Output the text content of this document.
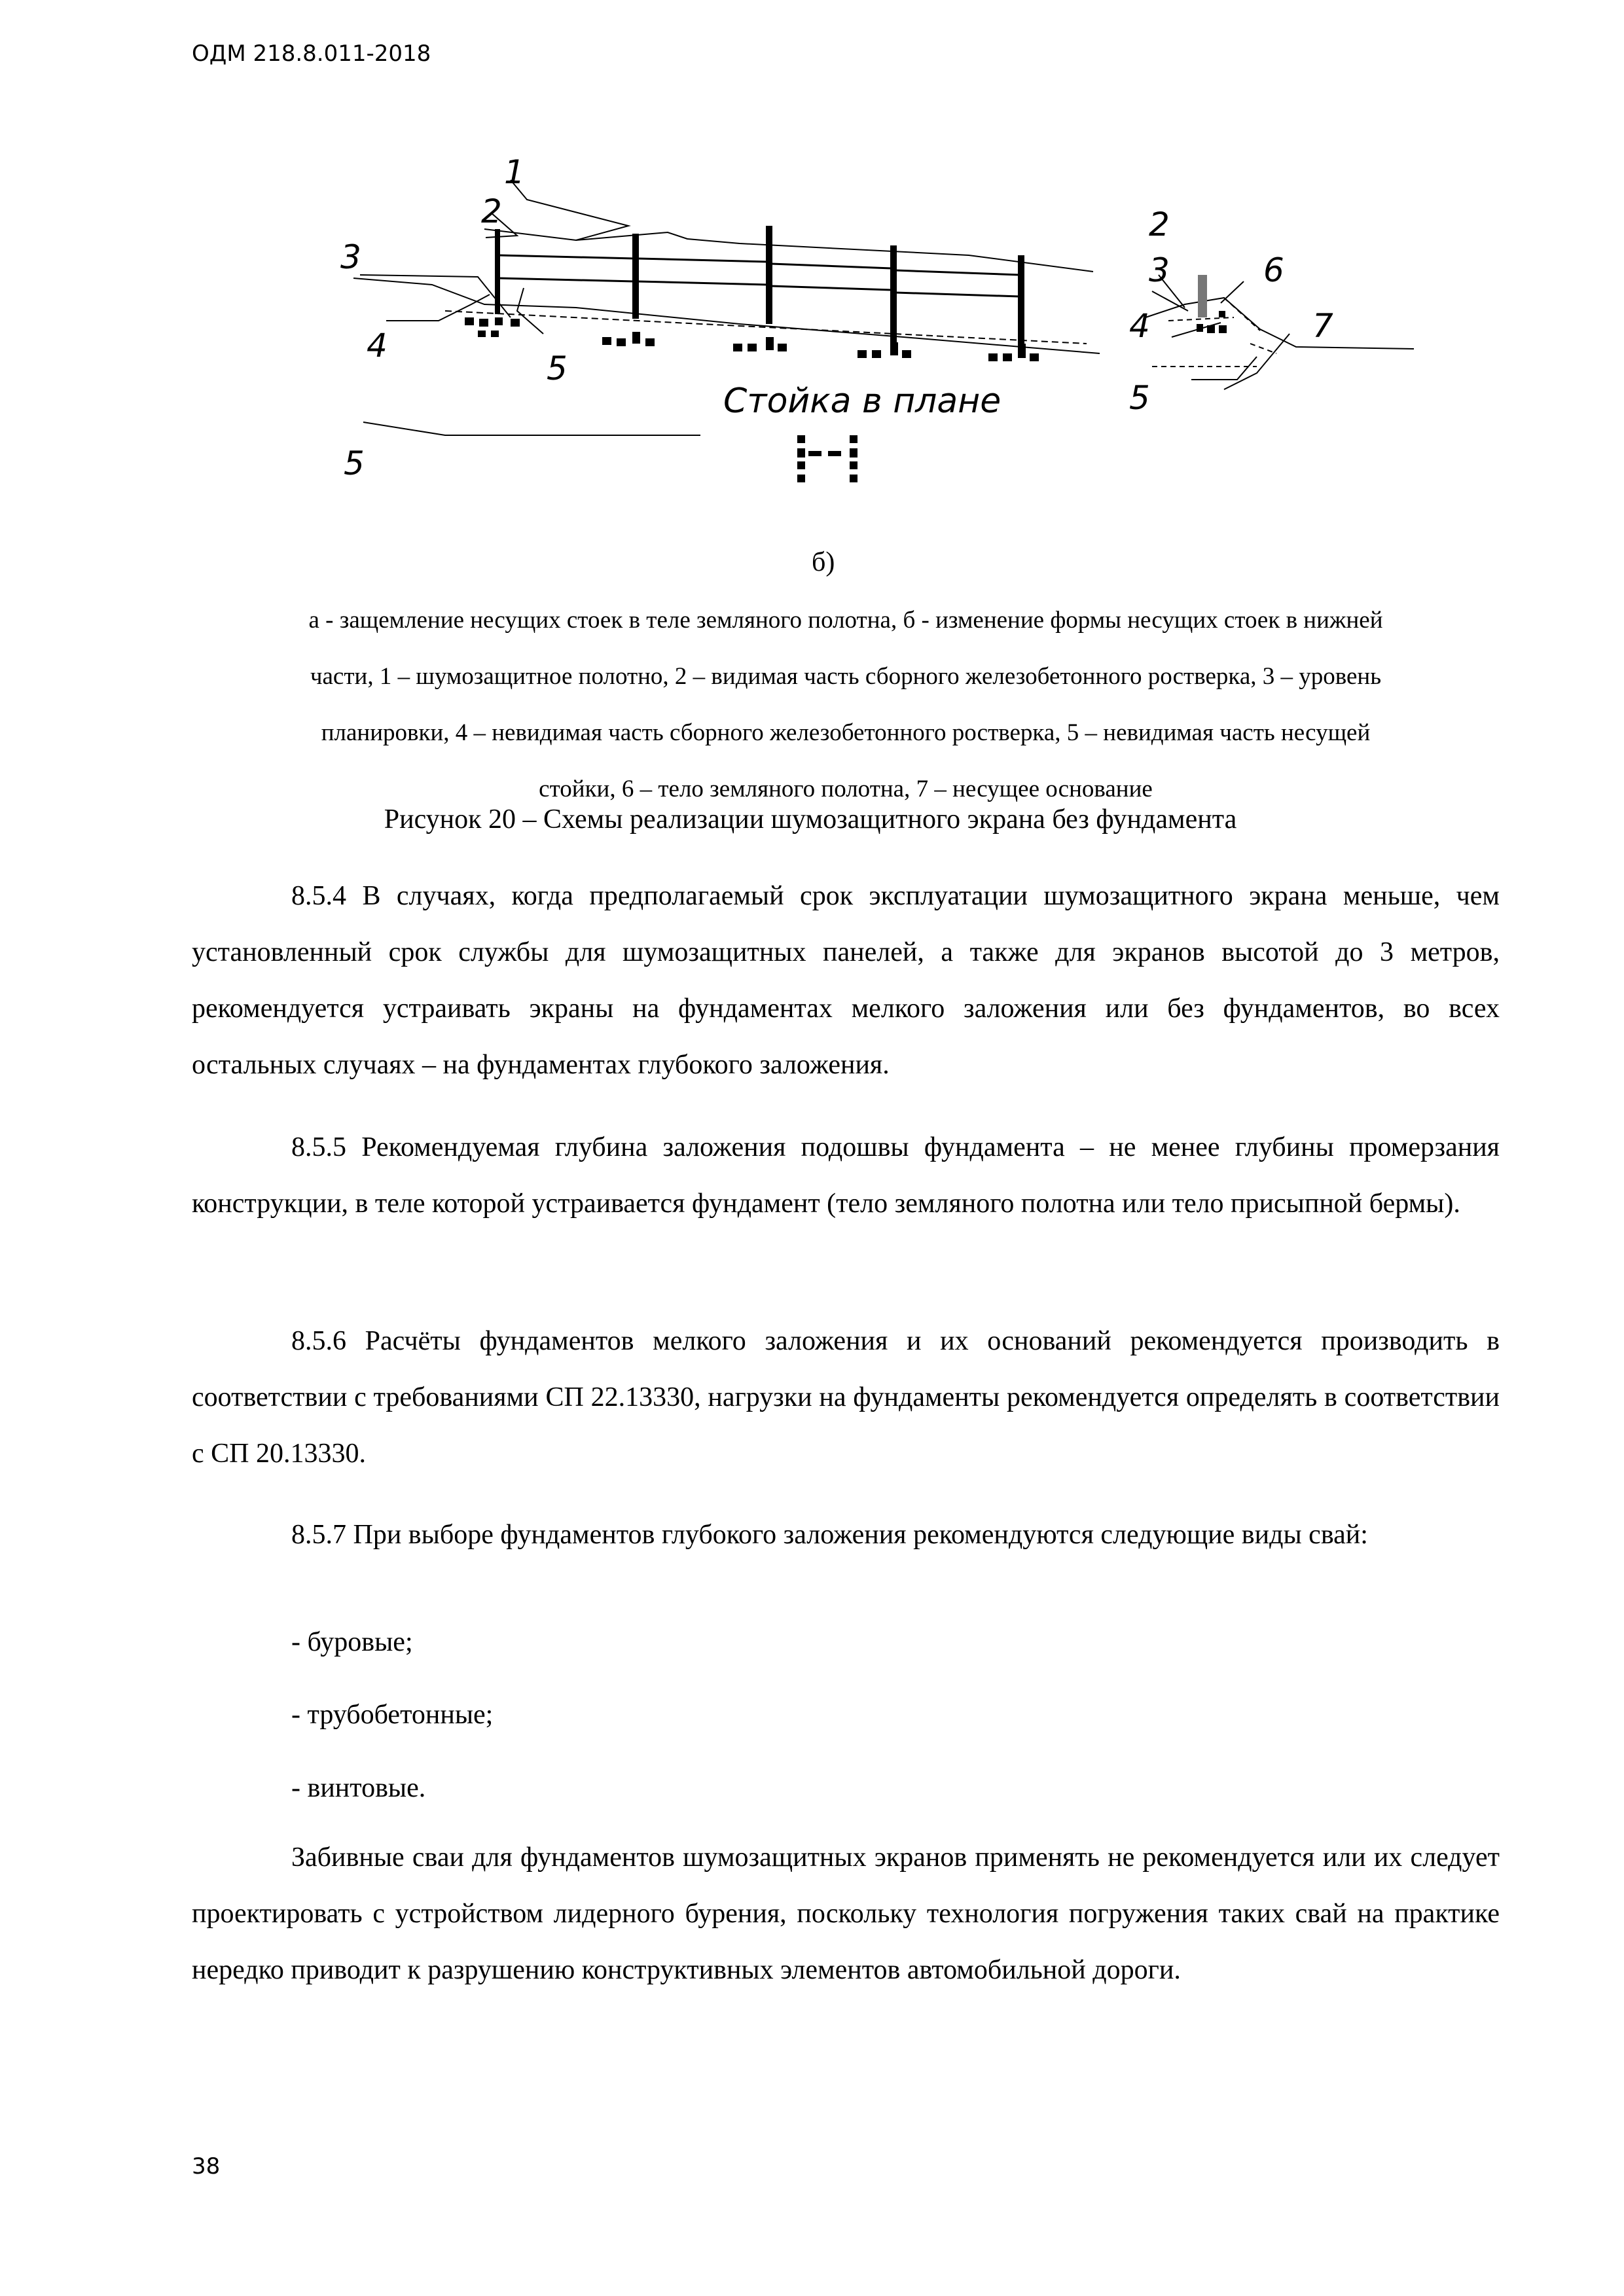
ОДМ 218.8.011-2018
1
2
3
4
5
Стойка в плане
5
2
3	6
4	7
5
б)
а - защемление несущих стоек в теле земляного полотна, б - изменение формы несущих стоек в нижней
части, 1 – шумозащитное полотно, 2 – видимая часть сборного железобетонного ростверка, 3 – уровень
планировки, 4 – невидимая часть сборного железобетонного ростверка, 5 – невидимая часть несущей
стойки, 6 – тело земляного полотна, 7 – несущее основание
Рисунок 20 – Схемы реализации шумозащитного экрана без фундамента
8.5.4 В случаях, когда предполагаемый срок эксплуатации шумозащитного экрана меньше, чем установленный срок службы для шумозащитных панелей, а также для экранов высотой до 3 метров, рекомендуется устраивать экраны на фундаментах мелкого заложения или без фундаментов, во всех остальных случаях – на фундаментах глубокого заложения.
8.5.5 Рекомендуемая глубина заложения подошвы фундамента – не менее глубины промерзания конструкции, в теле которой устраивается фундамент (тело земляного полотна или тело присыпной бермы).
8.5.6 Расчёты фундаментов мелкого заложения и их оснований рекомендуется производить в соответствии с требованиями СП 22.13330, нагрузки на фундаменты рекомендуется определять в соответствии с СП 20.13330.
8.5.7 При выборе фундаментов глубокого заложения рекомендуются следующие виды свай:
- буровые;
- трубобетонные;
- винтовые.
Забивные сваи для фундаментов шумозащитных экранов применять не рекомендуется или их следует проектировать с устройством лидерного бурения, поскольку технология погружения таких свай на практике нередко приводит к разрушению конструктивных элементов автомобильной дороги.
38
